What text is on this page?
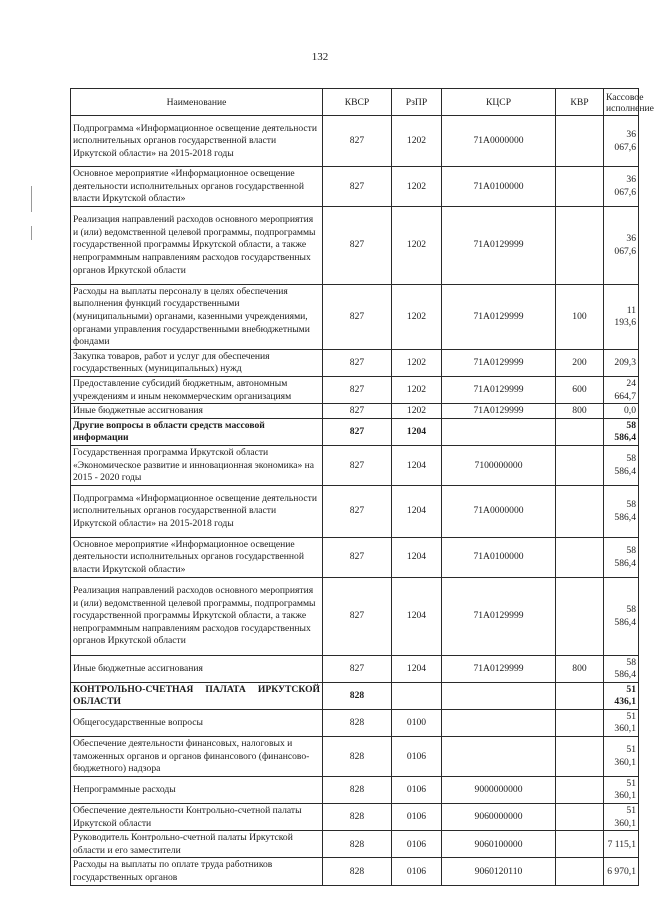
132
Наименование	КВСР	РзПР	КЦСР	КВР	Кассовое исполнение
Подпрограмма «Информационное освещение деятельности исполнительных органов государственной власти Иркутской области» на 2015-2018 годы	827	1202	71А0000000		36 067,6
Основное мероприятие «Информационное освещение деятельности исполнительных органов государственной власти Иркутской области»	827	1202	71А0100000		36 067,6
Реализация направлений расходов основного мероприятия и (или) ведомственной целевой программы, подпрограммы государственной программы Иркутской области, а также непрограммным направлениям расходов государственных органов Иркутской области	827	1202	71А0129999		36 067,6
Расходы на выплаты персоналу в целях обеспечения выполнения функций государственными (муниципальными) органами, казенными учреждениями, органами управления государственными внебюджетными фондами	827	1202	71А0129999	100	11 193,6
Закупка товаров, работ и услуг для обеспечения государственных (муниципальных) нужд	827	1202	71А0129999	200	209,3
Предоставление субсидий бюджетным, автономным учреждениям и иным некоммерческим организациям	827	1202	71А0129999	600	24 664,7
Иные бюджетные ассигнования	827	1202	71А0129999	800	0,0
Другие вопросы в области средств массовой информации	827	1204			58 586,4
Государственная программа Иркутской области «Экономическое развитие и инновационная экономика» на 2015 - 2020 годы	827	1204	7100000000		58 586,4
Подпрограмма «Информационное освещение деятельности исполнительных органов государственной власти Иркутской области» на 2015-2018 годы	827	1204	71А0000000		58 586,4
Основное мероприятие «Информационное освещение деятельности исполнительных органов государственной власти Иркутской области»	827	1204	71А0100000		58 586,4
Реализация направлений расходов основного мероприятия и (или) ведомственной целевой программы, подпрограммы государственной программы Иркутской области, а также непрограммным направлениям расходов государственных органов Иркутской области	827	1204	71А0129999		58 586,4
Иные бюджетные ассигнования	827	1204	71А0129999	800	58 586,4
КОНТРОЛЬНО-СЧЕТНАЯ ПАЛАТА ИРКУТСКОЙ ОБЛАСТИ	828				51 436,1
Общегосударственные вопросы	828	0100			51 360,1
Обеспечение деятельности финансовых, налоговых и таможенных органов и органов финансового (финансово-бюджетного) надзора	828	0106			51 360,1
Непрограммные расходы	828	0106	9000000000		51 360,1
Обеспечение деятельности Контрольно-счетной палаты Иркутской области	828	0106	9060000000		51 360,1
Руководитель Контрольно-счетной палаты Иркутской области и его заместители	828	0106	9060100000		7 115,1
Расходы на выплаты по оплате труда работников государственных органов	828	0106	9060120110		6 970,1
